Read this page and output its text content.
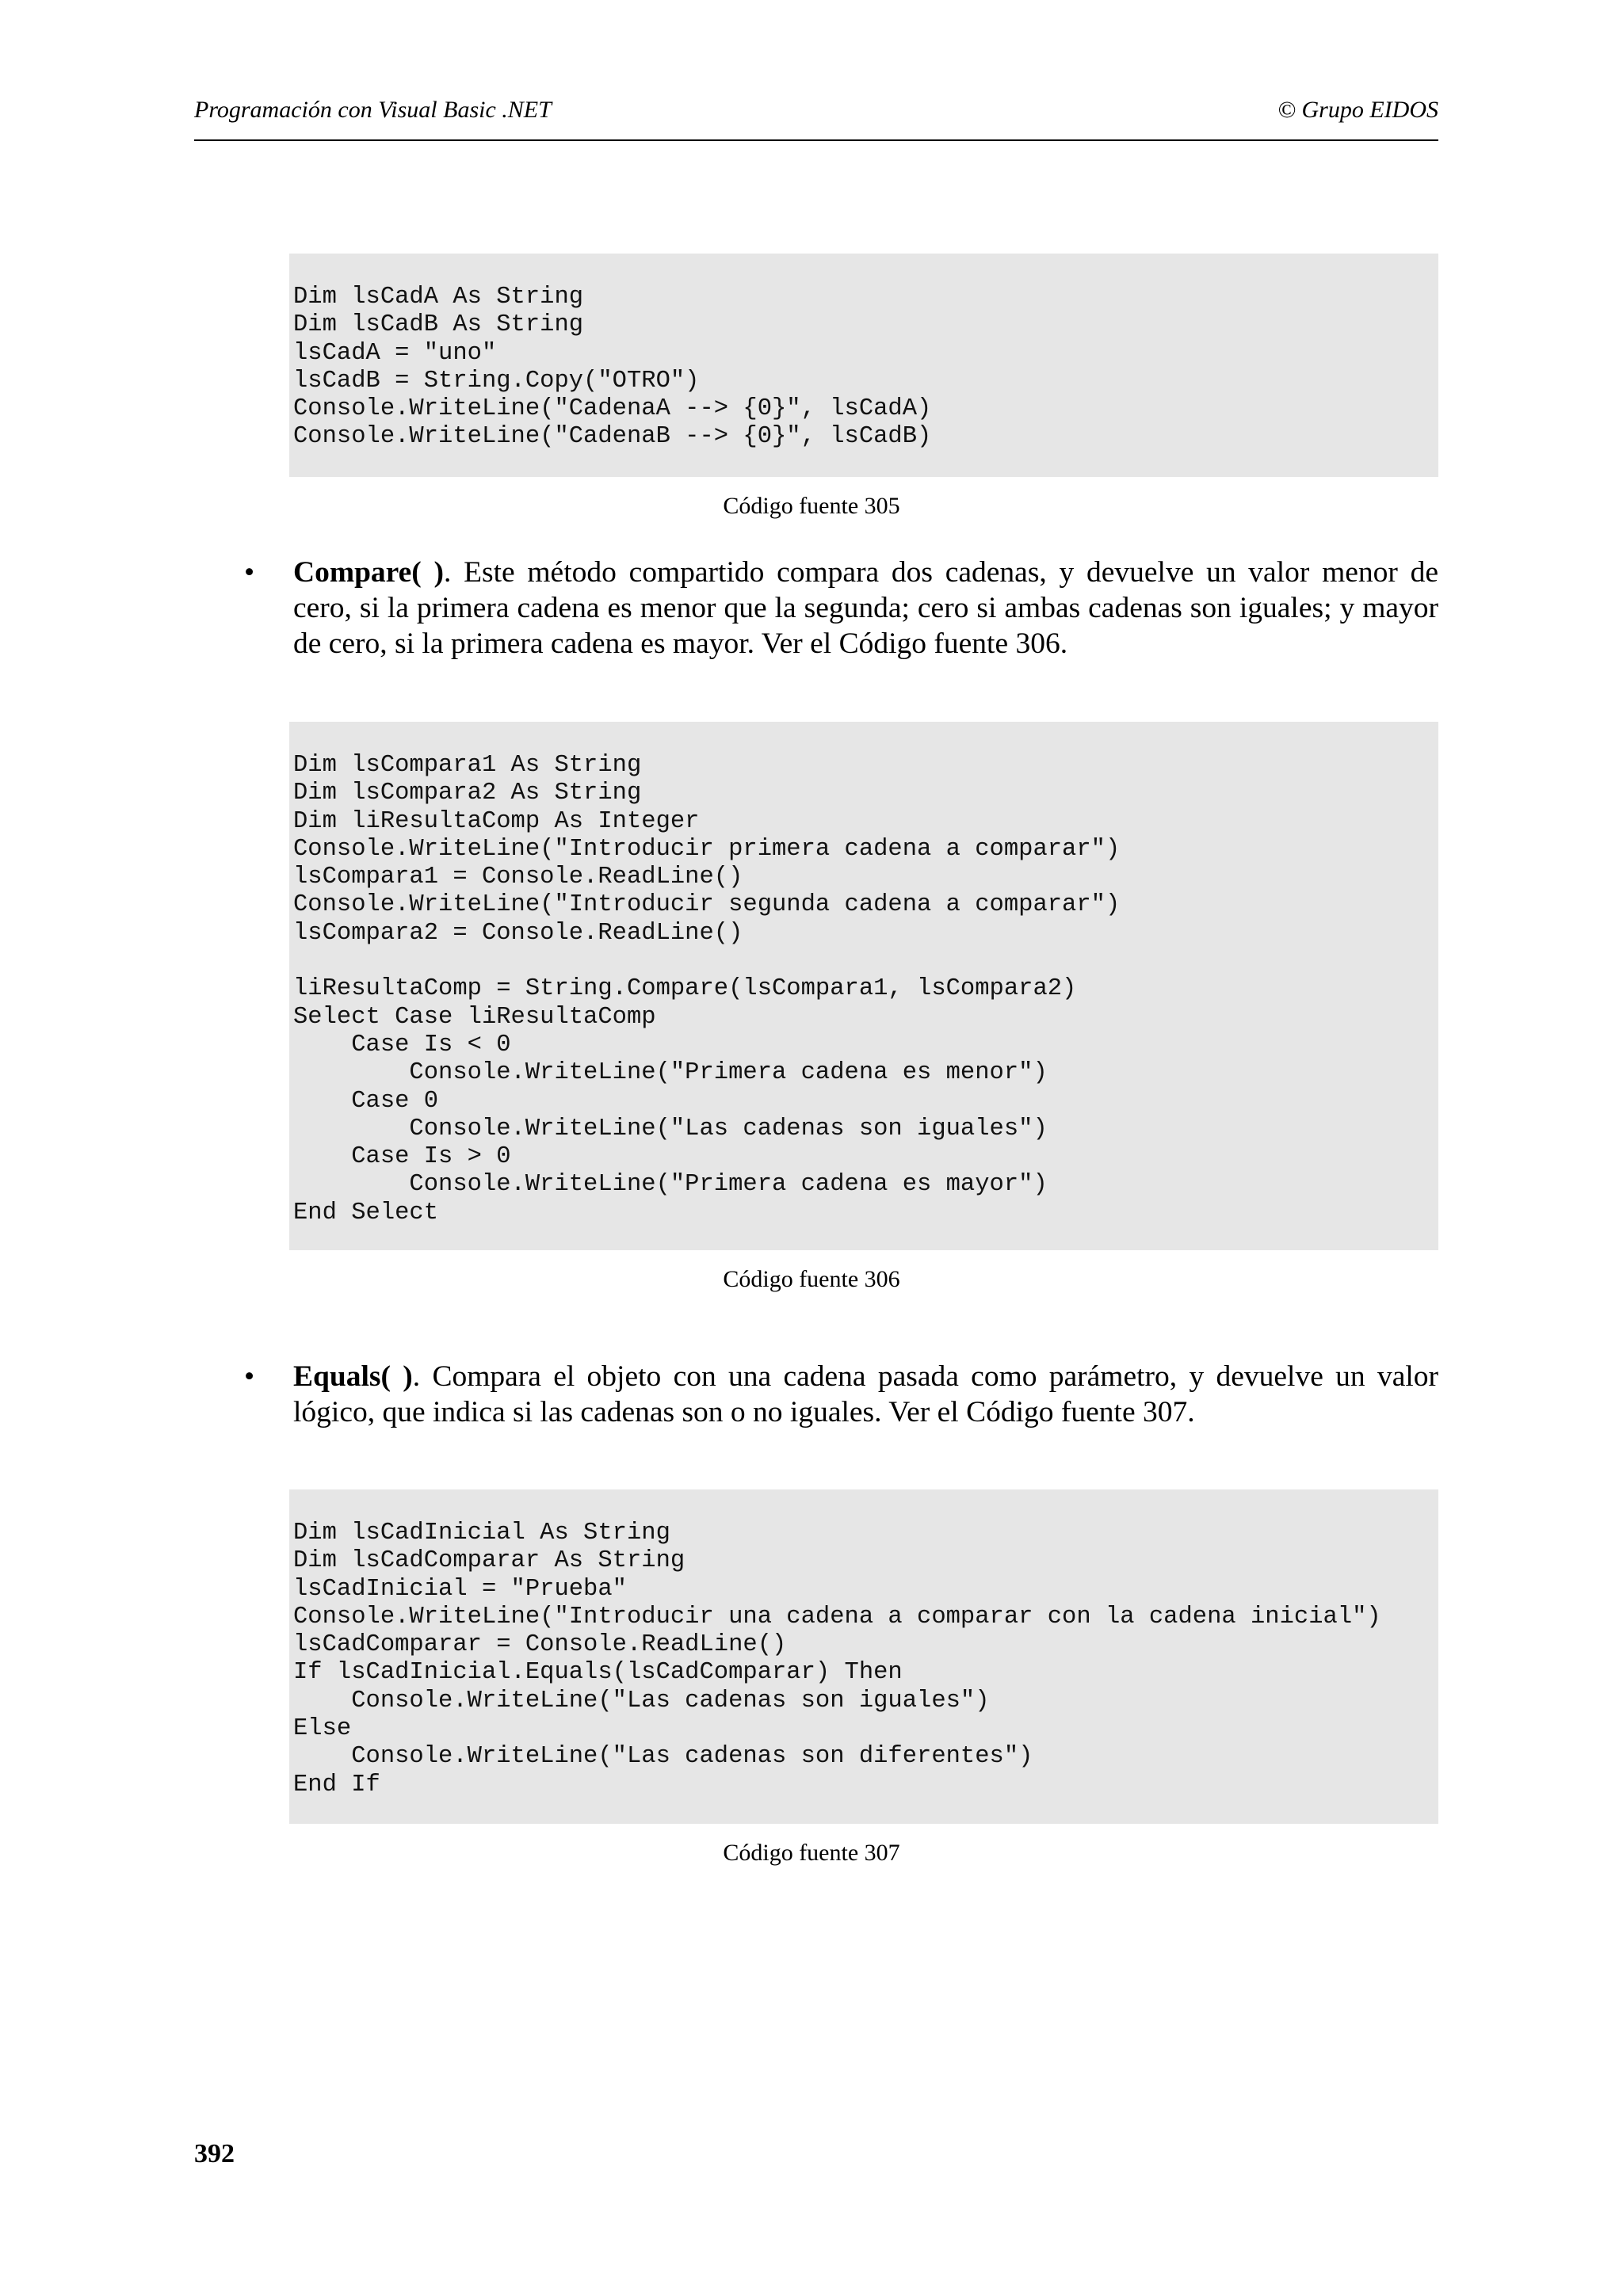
Programación con Visual Basic .NET	© Grupo EIDOS
Dim lsCadA As String
Dim lsCadB As String
lsCadA = "uno"
lsCadB = String.Copy("OTRO")
Console.WriteLine("CadenaA --> {0}", lsCadA)
Console.WriteLine("CadenaB --> {0}", lsCadB)
Código fuente 305
• Compare( ). Este método compartido compara dos cadenas, y devuelve un valor menor de cero, si la primera cadena es menor que la segunda; cero si ambas cadenas son iguales; y mayor de cero, si la primera cadena es mayor. Ver el Código fuente 306.
Dim lsCompara1 As String
Dim lsCompara2 As String
Dim liResultaComp As Integer
Console.WriteLine("Introducir primera cadena a comparar")
lsCompara1 = Console.ReadLine()
Console.WriteLine("Introducir segunda cadena a comparar")
lsCompara2 = Console.ReadLine()

liResultaComp = String.Compare(lsCompara1, lsCompara2)
Select Case liResultaComp
Case Is < 0
Console.WriteLine("Primera cadena es menor")
Case 0
Console.WriteLine("Las cadenas son iguales")
Case Is > 0
Console.WriteLine("Primera cadena es mayor")
End Select
Código fuente 306
• Equals( ). Compara el objeto con una cadena pasada como parámetro, y devuelve un valor lógico, que indica si las cadenas son o no iguales. Ver el Código fuente 307.
Dim lsCadInicial As String
Dim lsCadComparar As String
lsCadInicial = "Prueba"
Console.WriteLine("Introducir una cadena a comparar con la cadena inicial")
lsCadComparar = Console.ReadLine()
If lsCadInicial.Equals(lsCadComparar) Then
Console.WriteLine("Las cadenas son iguales")
Else
Console.WriteLine("Las cadenas son diferentes")
End If
Código fuente 307
392
